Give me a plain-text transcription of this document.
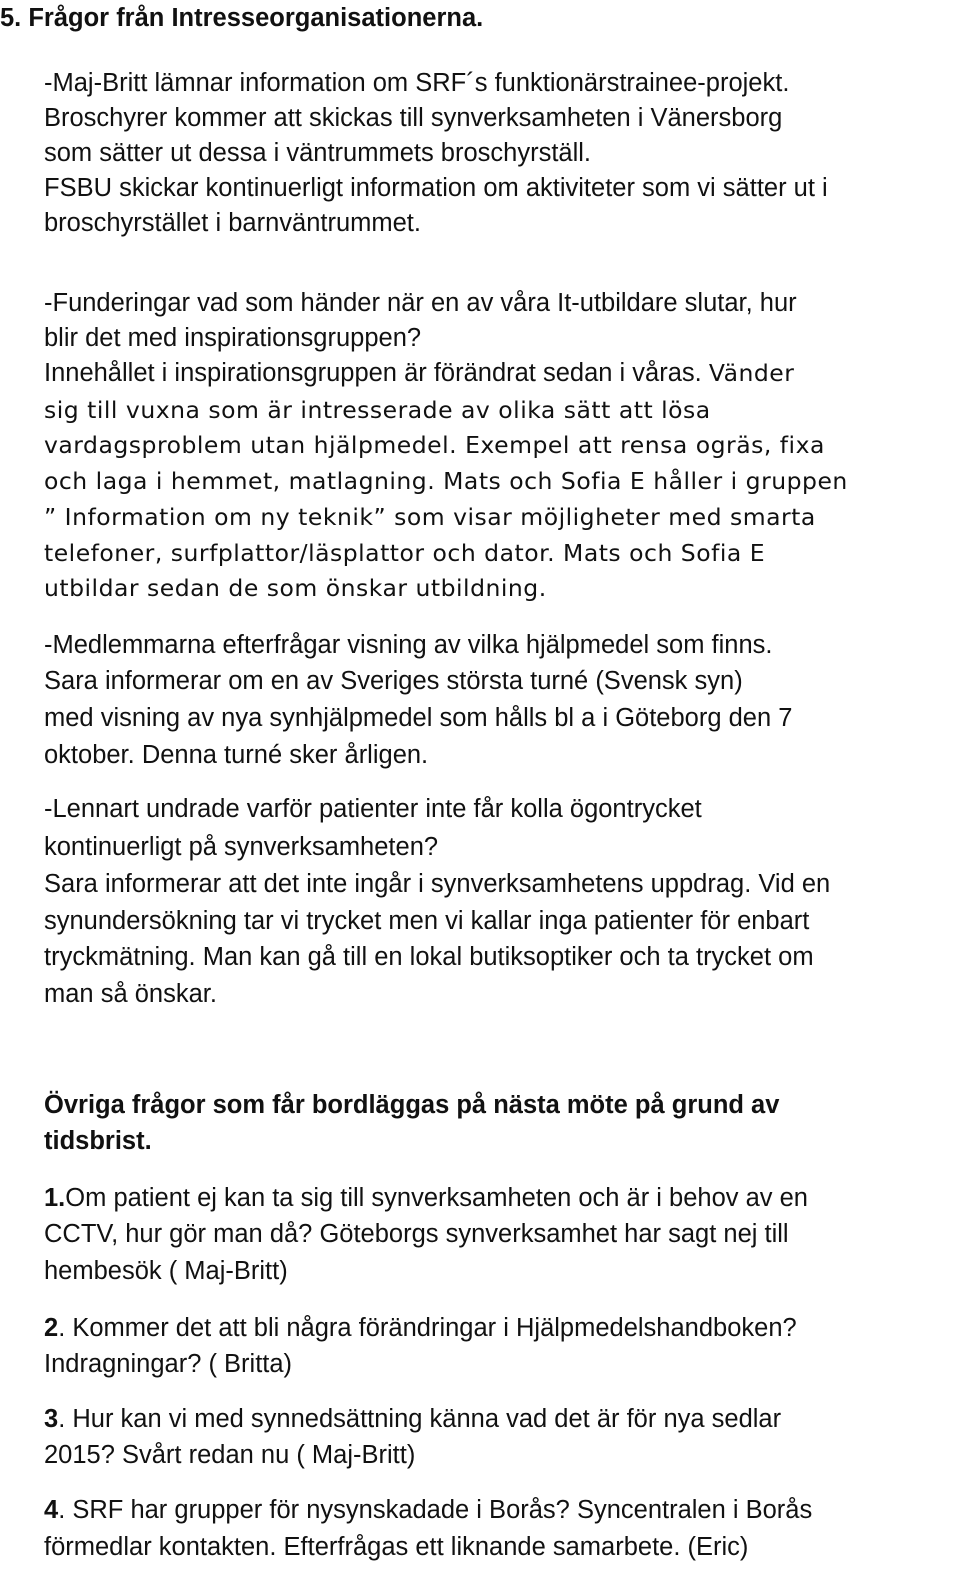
5. Frågor från Intresseorganisationerna.

-Maj-Britt lämnar information om SRF´s funktionärstrainee-projekt.

Broschyrer kommer att skickas till synverksamheten i Vänersborg

som sätter ut dessa i väntrummets broschyrställ.

FSBU skickar kontinuerligt information om aktiviteter som vi sätter ut i

broschyrstället i barnväntrummet.

-Funderingar vad som händer när en av våra It-utbildare slutar, hur

blir det med inspirationsgruppen?

Innehållet i inspirationsgruppen är förändrat sedan i våras. Vänder

sig till vuxna som är intresserade av olika sätt att lösa

vardagsproblem utan hjälpmedel. Exempel att rensa ogräs, fixa

och laga i hemmet, matlagning. Mats och Sofia E håller i gruppen

” Information om ny teknik” som visar möjligheter med smarta

telefoner, surfplattor/läsplattor och dator. Mats och Sofia E

utbildar sedan de som önskar utbildning.

-Medlemmarna efterfrågar visning av vilka hjälpmedel som finns.

Sara informerar om en av Sveriges största turné (Svensk syn)

med visning av nya synhjälpmedel som hålls bl a i Göteborg den 7

oktober. Denna turné sker årligen.

-Lennart undrade varför patienter inte får kolla ögontrycket

kontinuerligt på synverksamheten?

Sara informerar att det inte ingår i synverksamhetens uppdrag. Vid en

synundersökning tar vi trycket men vi kallar inga patienter för enbart

tryckmätning. Man kan gå till en lokal butiksoptiker och ta trycket om

man så önskar.

Övriga frågor som får bordläggas på nästa möte på grund av

tidsbrist.

1.Om patient ej kan ta sig till synverksamheten och är i behov av en

CCTV, hur gör man då? Göteborgs synverksamhet har sagt nej till

hembesök ( Maj-Britt)

2. Kommer det att bli några förändringar i Hjälpmedelshandboken?

Indragningar? ( Britta)

3. Hur kan vi med synnedsättning känna vad det är för nya sedlar

2015? Svårt redan nu ( Maj-Britt)

4. SRF har grupper för nysynskadade i Borås? Syncentralen i Borås

förmedlar kontakten. Efterfrågas ett liknande samarbete. (Eric)
